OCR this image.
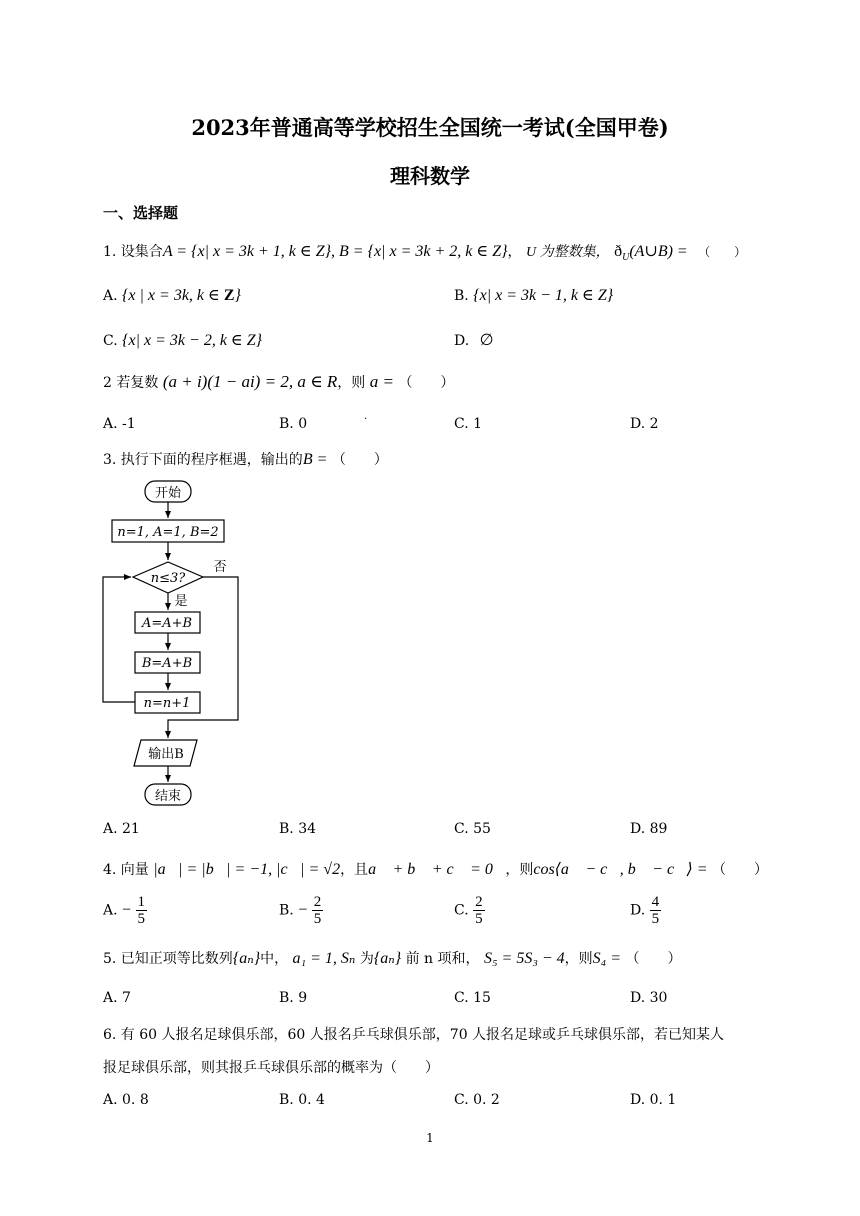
2023年普通高等学校招生全国统一考试(全国甲卷)
理科数学
一、选择题
1. 设集合A = {x| x = 3k + 1, k ∈ Z}, B = {x| x = 3k + 2, k ∈ Z}， U 为整数集， $ð_U(A\cup B)$ = （　　）
A. {x | x = 3k, k ∈ Z}	B. {x| x = 3k − 1, k ∈ Z}
C. {x| x = 3k − 2, k ∈ Z}	D. ∅
2 若复数 (a + i)(1 − ai) = 2, a ∈ R，则 a = （　　）
A. -1	B. 0	·	C. 1	D. 2
3. 执行下面的程序框遇，输出的B = （　　）
开始
n=1, A=1, B=2
n≤3?
否
是
A=A+B
B=A+B
n=n+1
输出B
结束
A. 21	B. 34	C. 55	D. 89
4. 向量 |a⃗| = |b⃗| = −1, |c⃗| = √2，且a⃗ + b⃗ + c⃗ = 0⃗，则cos⟨a⃗ − c⃗, b⃗ − c⃗⟩ = （　　）
A. − $\frac{1}{5}$	B. − $\frac{2}{5}$	C. $\frac{2}{5}$	D. $\frac{4}{5}$
5. 已知正项等比数列{aₙ}中， a₁ = 1, Sₙ 为{aₙ} 前 n 项和， S₅ = 5S₃ − 4，则S₄ = （　　）
A. 7	B. 9	C. 15	D. 30
6. 有 60 人报名足球俱乐部，60 人报名乒乓球俱乐部，70 人报名足球或乒乓球俱乐部，若已知某人
报足球俱乐部，则其报乒乓球俱乐部的概率为（　　）
A. 0. 8	B. 0. 4	C. 0. 2	D. 0. 1
1
